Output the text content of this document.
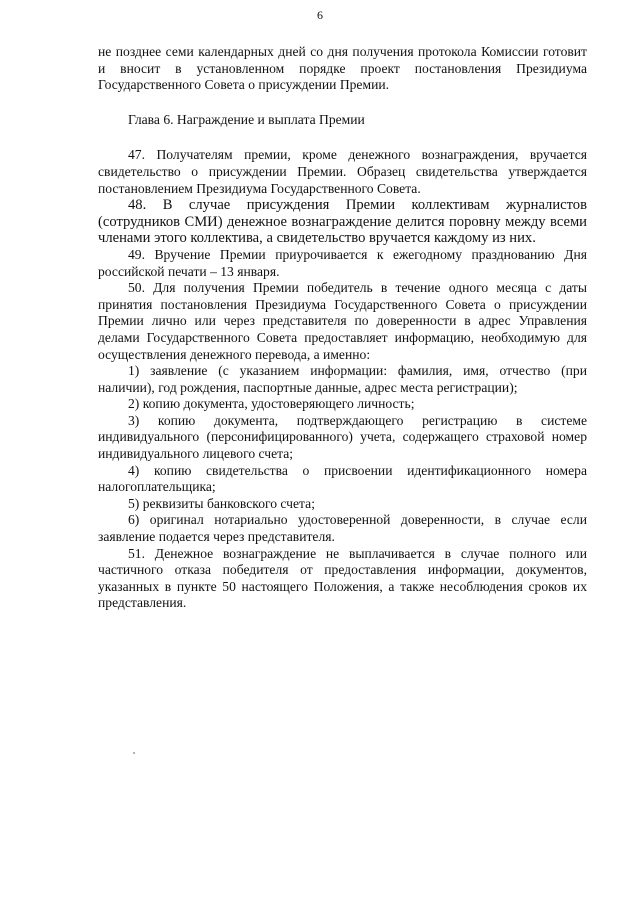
6

не позднее семи календарных дней со дня получения протокола Комиссии готовит и вносит в установленном порядке проект постановления Президиума Государственного Совета о присуждении Премии.

Глава 6. Награждение и выплата Премии

47. Получателям премии, кроме денежного вознаграждения, вручается свидетельство о присуждении Премии. Образец свидетельства утверждается постановлением Президиума Государственного Совета.

48. В случае присуждения Премии коллективам журналистов (сотрудников СМИ) денежное вознаграждение делится поровну между всеми членами этого коллектива, а свидетельство вручается каждому из них.

49. Вручение Премии приурочивается к ежегодному празднованию Дня российской печати – 13 января.

50. Для получения Премии победитель в течение одного месяца с даты принятия постановления Президиума Государственного Совета о присуждении Премии лично или через представителя по доверенности в адрес Управления делами Государственного Совета предоставляет информацию, необходимую для осуществления денежного перевода, а именно:

1) заявление (с указанием информации: фамилия, имя, отчество (при наличии), год рождения, паспортные данные, адрес места регистрации);

2) копию документа, удостоверяющего личность;

3) копию документа, подтверждающего регистрацию в системе индивидуального (персонифицированного) учета, содержащего страховой номер индивидуального лицевого счета;

4) копию свидетельства о присвоении идентификационного номера налогоплательщика;

5) реквизиты банковского счета;

6) оригинал нотариально удостоверенной доверенности, в случае если заявление подается через представителя.

51. Денежное вознаграждение не выплачивается в случае полного или частичного отказа победителя от предоставления информации, документов, указанных в пункте 50 настоящего Положения, а также несоблюдения сроков их представления.
